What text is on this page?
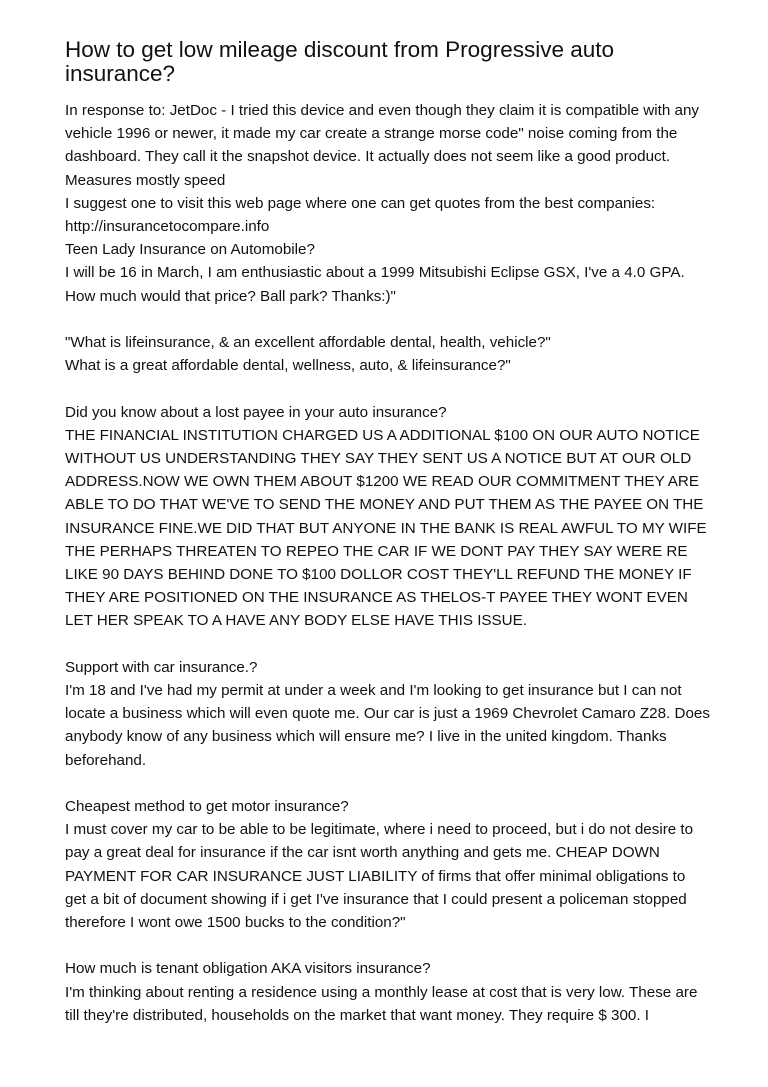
How to get low mileage discount from Progressive auto insurance?

In response to: JetDoc - I tried this device and even though they claim it is compatible with any vehicle 1996 or newer, it made my car create a strange morse code" noise coming from the dashboard. They call it the snapshot device. It actually does not seem like a good product. Measures mostly speed

I suggest one to visit this web page where one can get quotes from the best companies: http://insurancetocompare.info

Teen Lady Insurance on Automobile?

I will be 16 in March, I am enthusiastic about a 1999 Mitsubishi Eclipse GSX, I've a 4.0 GPA. How much would that price? Ball park? Thanks:)"

"What is lifeinsurance, & an excellent affordable dental, health, vehicle?"

What is a great affordable dental, wellness, auto, & lifeinsurance?"

Did you know about a lost payee in your auto insurance?

THE FINANCIAL INSTITUTION CHARGED US A ADDITIONAL $100 ON OUR AUTO NOTICE WITHOUT US UNDERSTANDING THEY SAY THEY SENT US A NOTICE BUT AT OUR OLD ADDRESS.NOW WE OWN THEM ABOUT $1200 WE READ OUR COMMITMENT THEY ARE ABLE TO DO THAT WE'VE TO SEND THE MONEY AND PUT THEM AS THE PAYEE ON THE INSURANCE FINE.WE DID THAT BUT ANYONE IN THE BANK IS REAL AWFUL TO MY WIFE THE PERHAPS THREATEN TO REPEO THE CAR IF WE DONT PAY THEY SAY WERE RE LIKE 90 DAYS BEHIND DONE TO $100 DOLLOR COST THEY'LL REFUND THE MONEY IF THEY ARE POSITIONED ON THE INSURANCE AS THELOS-T PAYEE THEY WONT EVEN LET HER SPEAK TO A HAVE ANY BODY ELSE HAVE THIS ISSUE.

Support with car insurance.?

I'm 18 and I've had my permit at under a week and I'm looking to get insurance but I can not locate a business which will even quote me. Our car is just a 1969 Chevrolet Camaro Z28. Does anybody know of any business which will ensure me? I live in the united kingdom. Thanks beforehand.

Cheapest method to get motor insurance?

I must cover my car to be able to be legitimate, where i need to proceed, but i do not desire to pay a great deal for insurance if the car isnt worth anything and gets me. CHEAP DOWN PAYMENT FOR CAR INSURANCE JUST LIABILITY of firms that offer minimal obligations to get a bit of document showing if i get I've insurance that I could present a policeman stopped therefore I wont owe 1500 bucks to the condition?"

How much is tenant obligation AKA visitors insurance?

I'm thinking about renting a residence using a monthly lease at cost that is very low. These are till they're distributed, households on the market that want money. They require $ 300. I
